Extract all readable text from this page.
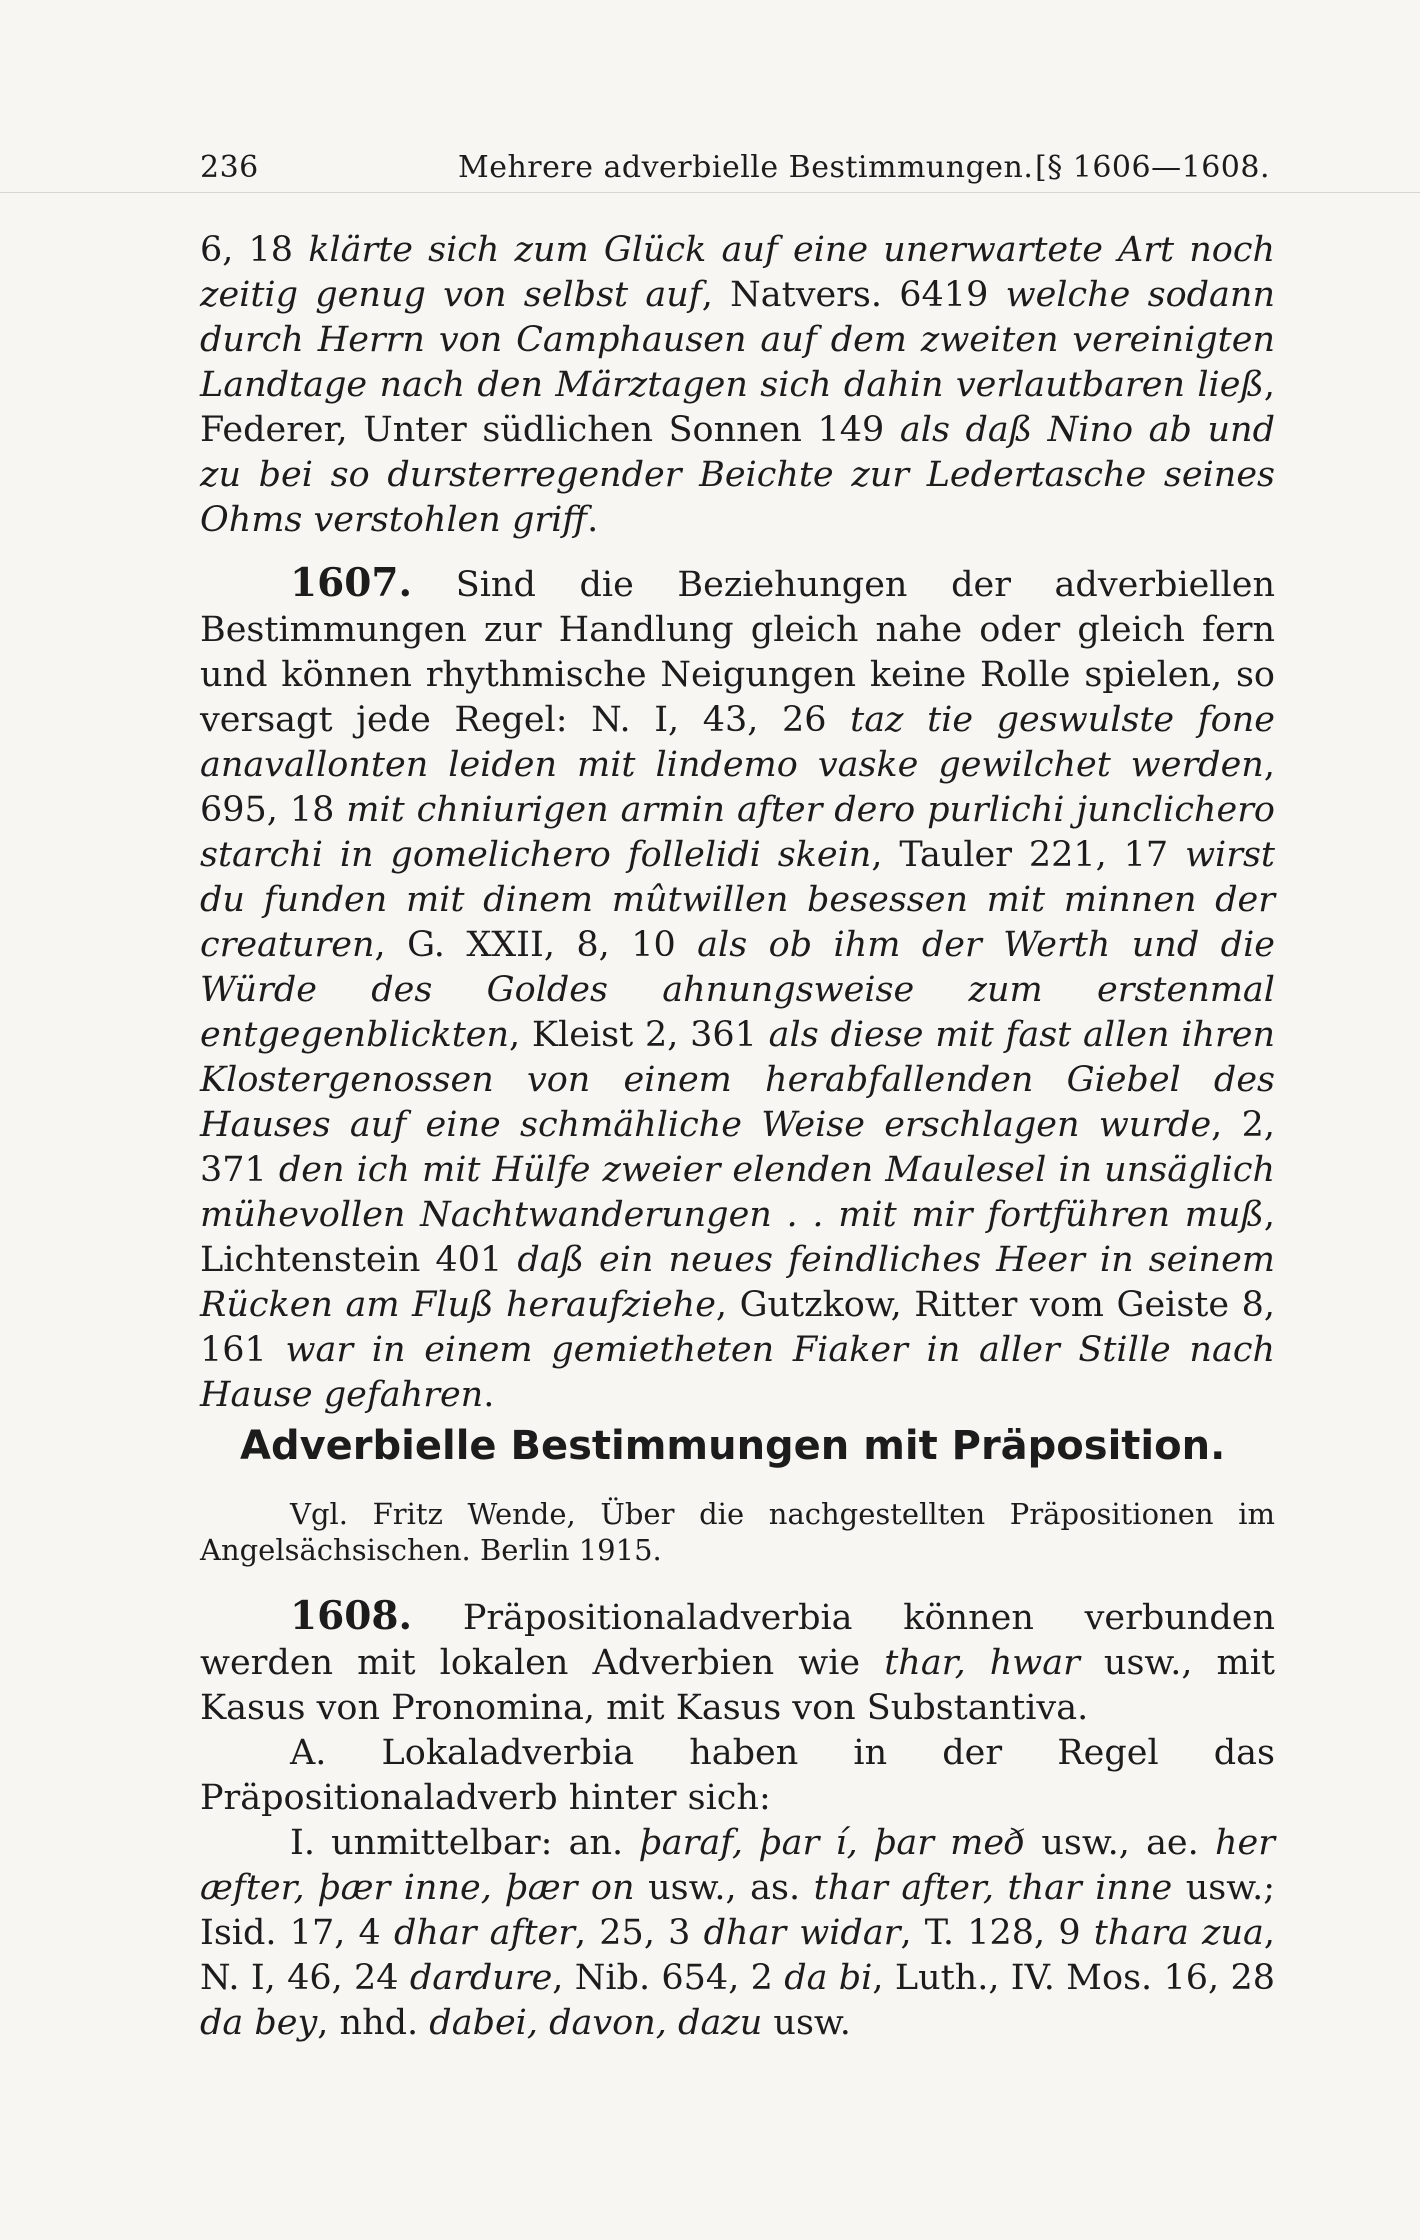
236	Mehrere adverbielle Bestimmungen. [§ 1606—1608.

6, 18 klärte sich zum Glück auf eine unerwartete Art noch zeitig genug von selbst auf, Natvers. 6419 welche sodann durch Herrn von Camphausen auf dem zweiten vereinigten Landtage nach den Märztagen sich dahin verlautbaren ließ, Federer, Unter südlichen Sonnen 149 als daß Nino ab und zu bei so dursterregender Beichte zur Ledertasche seines Ohms verstohlen griff.

1607. Sind die Beziehungen der adverbiellen Bestimmungen zur Handlung gleich nahe oder gleich fern und können rhythmische Neigungen keine Rolle spielen, so versagt jede Regel: N. I, 43, 26 taz tie geswulste fone anavallonten leiden mit lindemo vaske gewilchet werden, 695, 18 mit chniurigen armin after dero purlichi junclichero starchi in gomelichero follelidi skein, Tauler 221, 17 wirst du funden mit dinem mûtwillen besessen mit minnen der creaturen, G. XXII, 8, 10 als ob ihm der Werth und die Würde des Goldes ahnungsweise zum erstenmal entgegenblickten, Kleist 2, 361 als diese mit fast allen ihren Klostergenossen von einem herabfallenden Giebel des Hauses auf eine schmähliche Weise erschlagen wurde, 2, 371 den ich mit Hülfe zweier elenden Maulesel in unsäglich mühevollen Nachtwanderungen . . mit mir fortführen muß, Lichtenstein 401 daß ein neues feindliches Heer in seinem Rücken am Fluß heraufziehe, Gutzkow, Ritter vom Geiste 8, 161 war in einem gemietheten Fiaker in aller Stille nach Hause gefahren.

Adverbielle Bestimmungen mit Präposition.

Vgl. Fritz Wende, Über die nachgestellten Präpositionen im Angelsächsischen. Berlin 1915.

1608. Präpositionaladverbia können verbunden werden mit lokalen Adverbien wie thar, hwar usw., mit Kasus von Pronomina, mit Kasus von Substantiva.

A. Lokaladverbia haben in der Regel das Präpositionaladverb hinter sich:

I. unmittelbar: an. þaraf, þar í, þar með usw., ae. her æfter, þær inne, þær on usw., as. thar after, thar inne usw.; Isid. 17, 4 dhar after, 25, 3 dhar widar, T. 128, 9 thara zua, N. I, 46, 24 dardure, Nib. 654, 2 da bi, Luth., IV. Mos. 16, 28 da bey, nhd. dabei, davon, dazu usw.
